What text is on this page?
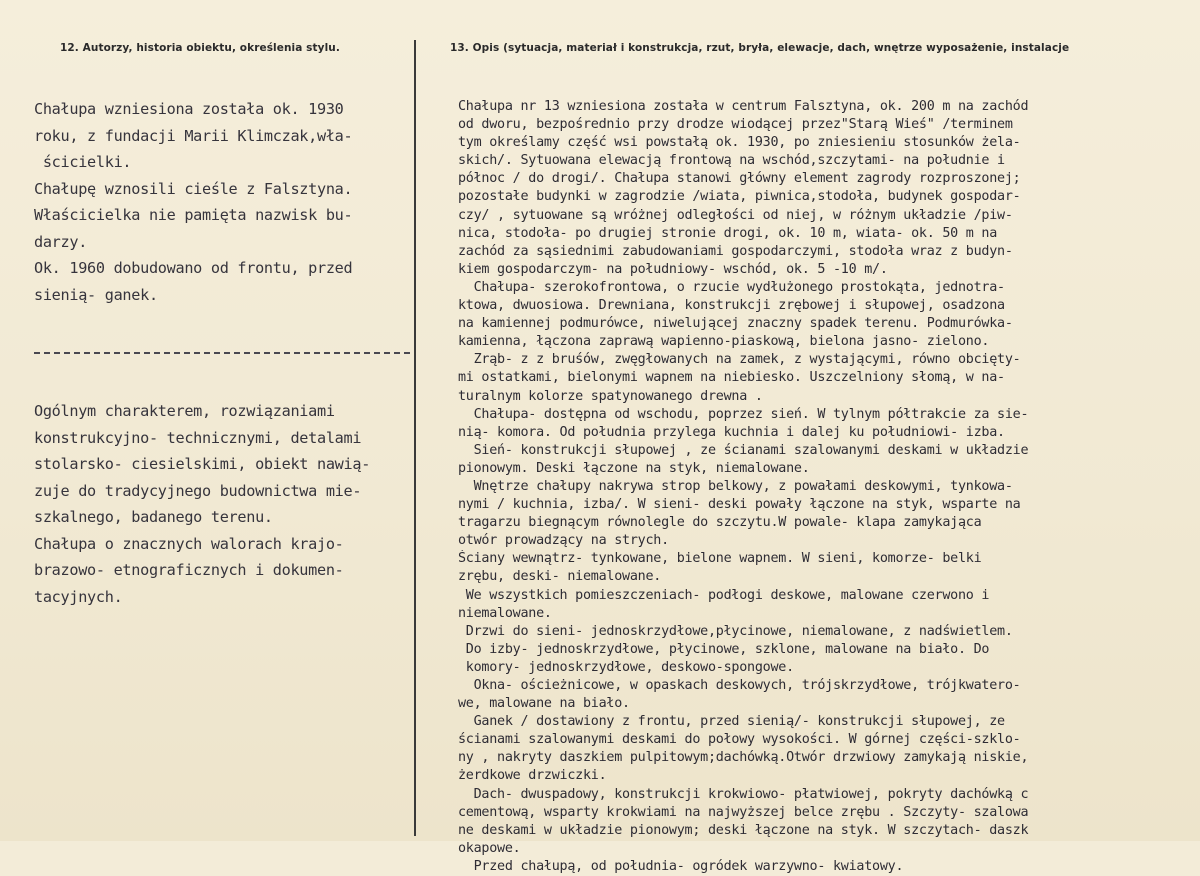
12. Autorzy, historia obiektu, określenia stylu.	13. Opis (sytuacja, materiał i konstrukcja, rzut, bryła, elewacje, dach, wnętrze wyposażenie, instalacje
Chałupa wzniesiona została ok. 1930
roku, z fundacji Marii Klimczak,wła-
ścicielki.
Chałupę wznosili cieśle z Falsztyna.
Właścicielka nie pamięta nazwisk bu-
darzy.
Ok. 1960 dobudowano od frontu, przed
sienią- ganek.
Ogólnym charakterem, rozwiązaniami
konstrukcyjno- technicznymi, detalami
stolarsko- ciesielskimi, obiekt nawią-
zuje do tradycyjnego budownictwa mie-
szkalnego, badanego terenu.
Chałupa o znacznych walorach krajo-
brazowo- etnograficznych i dokumen-
tacyjnych.
Chałupa nr 13 wzniesiona została w centrum Falsztyna, ok. 200 m na zachód
od dworu, bezpośrednio przy drodze wiodącej przez"Starą Wieś" /terminem
tym określamy część wsi powstałą ok. 1930, po zniesieniu stosunków żela-
skich/. Sytuowana elewacją frontową na wschód,szczytami- na południe i
północ / do drogi/. Chałupa stanowi główny element zagrody rozproszonej;
pozostałe budynki w zagrodzie /wiata, piwnica,stodoła, budynek gospodar-
czy/ , sytuowane są wróżnej odległości od niej, w różnym układzie /piw-
nica, stodoła- po drugiej stronie drogi, ok. 10 m, wiata- ok. 50 m na
zachód za sąsiednimi zabudowaniami gospodarczymi, stodoła wraz z budyn-
kiem gospodarczym- na południowy- wschód, ok. 5 -10 m/.
Chałupa- szerokofrontowa, o rzucie wydłużonego prostokąta, jednotra-
ktowa, dwuosiowa. Drewniana, konstrukcji zrębowej i słupowej, osadzona
na kamiennej podmurówce, niwelującej znaczny spadek terenu. Podmurówka-
kamienna, łączona zaprawą wapienno-piaskową, bielona jasno- zielono.
Zrąb- z z bruśów, zwęgłowanych na zamek, z wystającymi, równo obcięty-
mi ostatkami, bielonymi wapnem na niebiesko. Uszczelniony słomą, w na-
turalnym kolorze spatynowanego drewna .
Chałupa- dostępna od wschodu, poprzez sień. W tylnym półtrakcie za sie-
nią- komora. Od południa przylega kuchnia i dalej ku południowi- izba.
Sień- konstrukcji słupowej , ze ścianami szalowanymi deskami w układzie
pionowym. Deski łączone na styk, niemalowane.
Wnętrze chałupy nakrywa strop belkowy, z powałami deskowymi, tynkowa-
nymi / kuchnia, izba/. W sieni- deski powały łączone na styk, wsparte na
tragarzu biegnącym równolegle do szczytu.W powale- klapa zamykająca
otwór prowadzący na strych.
Ściany wewnątrz- tynkowane, bielone wapnem. W sieni, komorze- belki
zrębu, deski- niemalowane.
We wszystkich pomieszczeniach- podłogi deskowe, malowane czerwono i
niemalowane.
Drzwi do sieni- jednoskrzydłowe,płycinowe, niemalowane, z nadświetlem.
Do izby- jednoskrzydłowe, płycinowe, szklone, malowane na biało. Do
komory- jednoskrzydłowe, deskowo-spongowe.
Okna- ościeżnicowe, w opaskach deskowych, trójskrzydłowe, trójkwatero-
we, malowane na biało.
Ganek / dostawiony z frontu, przed sienią/- konstrukcji słupowej, ze
ścianami szalowanymi deskami do połowy wysokości. W górnej części-szklo-
ny , nakryty daszkiem pulpitowym;dachówką.Otwór drzwiowy zamykają niskie,
żerdkowe drzwiczki.
Dach- dwuspadowy, konstrukcji krokwiowo- płatwiowej, pokryty dachówką c
cementową, wsparty krokwiami na najwyższej belce zrębu . Szczyty- szalowa
ne deskami w układzie pionowym; deski łączone na styk. W szczytach- daszk
okapowe.
Przed chałupą, od południa- ogródek warzywno- kwiatowy.
